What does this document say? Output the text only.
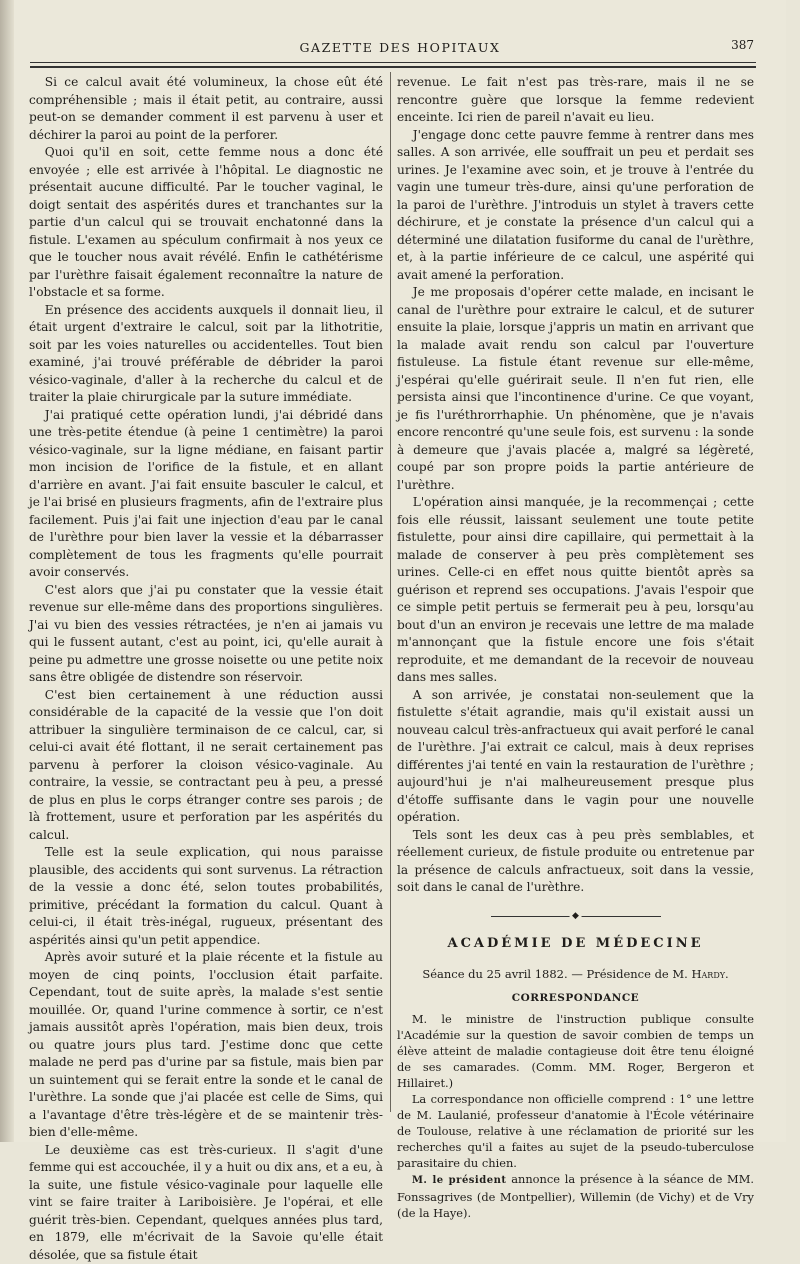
GAZETTE DES HOPITAUX	387

Si ce calcul avait été volumineux, la chose eût été compréhensible ; mais il était petit, au contraire, aussi peut-on se demander comment il est parvenu à user et déchirer la paroi au point de la perforer.

Quoi qu'il en soit, cette femme nous a donc été envoyée ; elle est arrivée à l'hôpital. Le diagnostic ne présentait aucune difficulté. Par le toucher vaginal, le doigt sentait des aspérités dures et tranchantes sur la partie d'un calcul qui se trouvait enchatonné dans la fistule. L'examen au spéculum confirmait à nos yeux ce que le toucher nous avait révélé. Enfin le cathétérisme par l'urèthre faisait également reconnaître la nature de l'obstacle et sa forme.

En présence des accidents auxquels il donnait lieu, il était urgent d'extraire le calcul, soit par la lithotritie, soit par les voies naturelles ou accidentelles. Tout bien examiné, j'ai trouvé préférable de débrider la paroi vésico-vaginale, d'aller à la recherche du calcul et de traiter la plaie chirurgicale par la suture immédiate.

J'ai pratiqué cette opération lundi, j'ai débridé dans une très-petite étendue (à peine 1 centimètre) la paroi vésico-vaginale, sur la ligne médiane, en faisant partir mon incision de l'orifice de la fistule, et en allant d'arrière en avant. J'ai fait ensuite basculer le calcul, et je l'ai brisé en plusieurs fragments, afin de l'extraire plus facilement. Puis j'ai fait une injection d'eau par le canal de l'urèthre pour bien laver la vessie et la débarrasser complètement de tous les fragments qu'elle pourrait avoir conservés.

C'est alors que j'ai pu constater que la vessie était revenue sur elle-même dans des proportions singulières. J'ai vu bien des vessies rétractées, je n'en ai jamais vu qui le fussent autant, c'est au point, ici, qu'elle aurait à peine pu admettre une grosse noisette ou une petite noix sans être obligée de distendre son réservoir.

C'est bien certainement à une réduction aussi considérable de la capacité de la vessie que l'on doit attribuer la singulière terminaison de ce calcul, car, si celui-ci avait été flottant, il ne serait certainement pas parvenu à perforer la cloison vésico-vaginale. Au contraire, la vessie, se contractant peu à peu, a pressé de plus en plus le corps étranger contre ses parois ; de là frottement, usure et perforation par les aspérités du calcul.

Telle est la seule explication, qui nous paraisse plausible, des accidents qui sont survenus. La rétraction de la vessie a donc été, selon toutes probabilités, primitive, précédant la formation du calcul. Quant à celui-ci, il était très-inégal, rugueux, présentant des aspérités ainsi qu'un petit appendice.

Après avoir suturé et la plaie récente et la fistule au moyen de cinq points, l'occlusion était parfaite. Cependant, tout de suite après, la malade s'est sentie mouillée. Or, quand l'urine commence à sortir, ce n'est jamais aussitôt après l'opération, mais bien deux, trois ou quatre jours plus tard. J'estime donc que cette malade ne perd pas d'urine par sa fistule, mais bien par un suintement qui se ferait entre la sonde et le canal de l'urèthre. La sonde que j'ai placée est celle de Sims, qui a l'avantage d'être très-légère et de se maintenir très-bien d'elle-même.

Le deuxième cas est très-curieux. Il s'agit d'une femme qui est accouchée, il y a huit ou dix ans, et a eu, à la suite, une fistule vésico-vaginale pour laquelle elle vint se faire traiter à Lariboisière. Je l'opérai, et elle guérit très-bien. Cependant, quelques années plus tard, en 1879, elle m'écrivait de la Savoie qu'elle était désolée, que sa fistule était

revenue. Le fait n'est pas très-rare, mais il ne se rencontre guère que lorsque la femme redevient enceinte. Ici rien de pareil n'avait eu lieu.

J'engage donc cette pauvre femme à rentrer dans mes salles. A son arrivée, elle souffrait un peu et perdait ses urines. Je l'examine avec soin, et je trouve à l'entrée du vagin une tumeur très-dure, ainsi qu'une perforation de la paroi de l'urèthre. J'introduis un stylet à travers cette déchirure, et je constate la présence d'un calcul qui a déterminé une dilatation fusiforme du canal de l'urèthre, et, à la partie inférieure de ce calcul, une aspérité qui avait amené la perforation.

Je me proposais d'opérer cette malade, en incisant le canal de l'urèthre pour extraire le calcul, et de suturer ensuite la plaie, lorsque j'appris un matin en arrivant que la malade avait rendu son calcul par l'ouverture fistuleuse. La fistule étant revenue sur elle-même, j'espérai qu'elle guérirait seule. Il n'en fut rien, elle persista ainsi que l'incontinence d'urine. Ce que voyant, je fis l'uréthrorrhaphie. Un phénomène, que je n'avais encore rencontré qu'une seule fois, est survenu : la sonde à demeure que j'avais placée a, malgré sa légèreté, coupé par son propre poids la partie antérieure de l'urèthre.

L'opération ainsi manquée, je la recommençai ; cette fois elle réussit, laissant seulement une toute petite fistulette, pour ainsi dire capillaire, qui permettait à la malade de conserver à peu près complètement ses urines. Celle-ci en effet nous quitte bientôt après sa guérison et reprend ses occupations. J'avais l'espoir que ce simple petit pertuis se fermerait peu à peu, lorsqu'au bout d'un an environ je recevais une lettre de ma malade m'annonçant que la fistule encore une fois s'était reproduite, et me demandant de la recevoir de nouveau dans mes salles.

A son arrivée, je constatai non-seulement que la fistulette s'était agrandie, mais qu'il existait aussi un nouveau calcul très-anfractueux qui avait perforé le canal de l'urèthre. J'ai extrait ce calcul, mais à deux reprises différentes j'ai tenté en vain la restauration de l'urèthre ; aujourd'hui je n'ai malheureusement presque plus d'étoffe suffisante dans le vagin pour une nouvelle opération.

Tels sont les deux cas à peu près semblables, et réellement curieux, de fistule produite ou entretenue par la présence de calculs anfractueux, soit dans la vessie, soit dans le canal de l'urèthre.

◆
ACADÉMIE DE MÉDECINE
Séance du 25 avril 1882. — Présidence de M. Hardy.
CORRESPONDANCE

M. le ministre de l'instruction publique consulte l'Académie sur la question de savoir combien de temps un élève atteint de maladie contagieuse doit être tenu éloigné de ses camarades. (Comm. MM. Roger, Bergeron et Hillairet.)

La correspondance non officielle comprend : 1° une lettre de M. Laulanié, professeur d'anatomie à l'École vétérinaire de Toulouse, relative à une réclamation de priorité sur les recherches qu'il a faites au sujet de la pseudo-tuberculose parasitaire du chien.

M. le président annonce la présence à la séance de MM. Fonssagrives (de Montpellier), Willemin (de Vichy) et de Vry (de la Haye).
